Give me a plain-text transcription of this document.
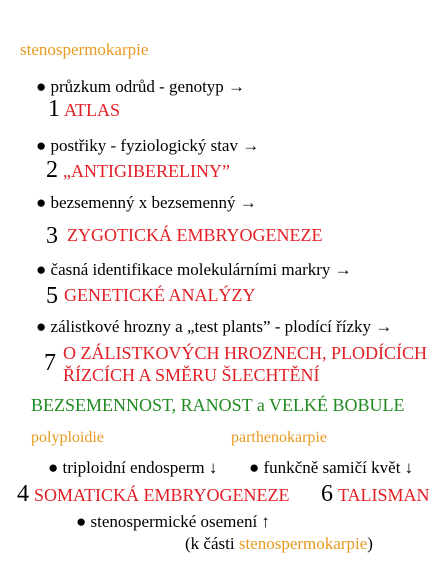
stenospermokarpie
● průzkum odrůd - genotyp →
1 ATLAS
● postřiky - fyziologický stav →
2 „ANTIGIBERELINY”
● bezsemenný x bezsemenný →
3 ZYGOTICKÁ EMBRYOGENEZE
● časná identifikace molekulárními markry →
5 GENETICKÉ ANALÝZY
● zálistkové hrozny a „test plants” - plodící řízky →
7 O ZÁLISTKOVÝCH HROZNECH, PLODÍCÍCH
ŘÍZCÍCH A SMĚRU ŠLECHTĚNÍ
BEZSEMENNOST, RANOST a VELKÉ BOBULE
polyploidie	parthenokarpie
● triploidní endosperm ↓ ● funkčně samičí květ ↓
4 SOMATICKÁ EMBRYOGENEZE 6 TALISMAN
● stenospermické osemení ↑
(k části stenospermokarpie)
